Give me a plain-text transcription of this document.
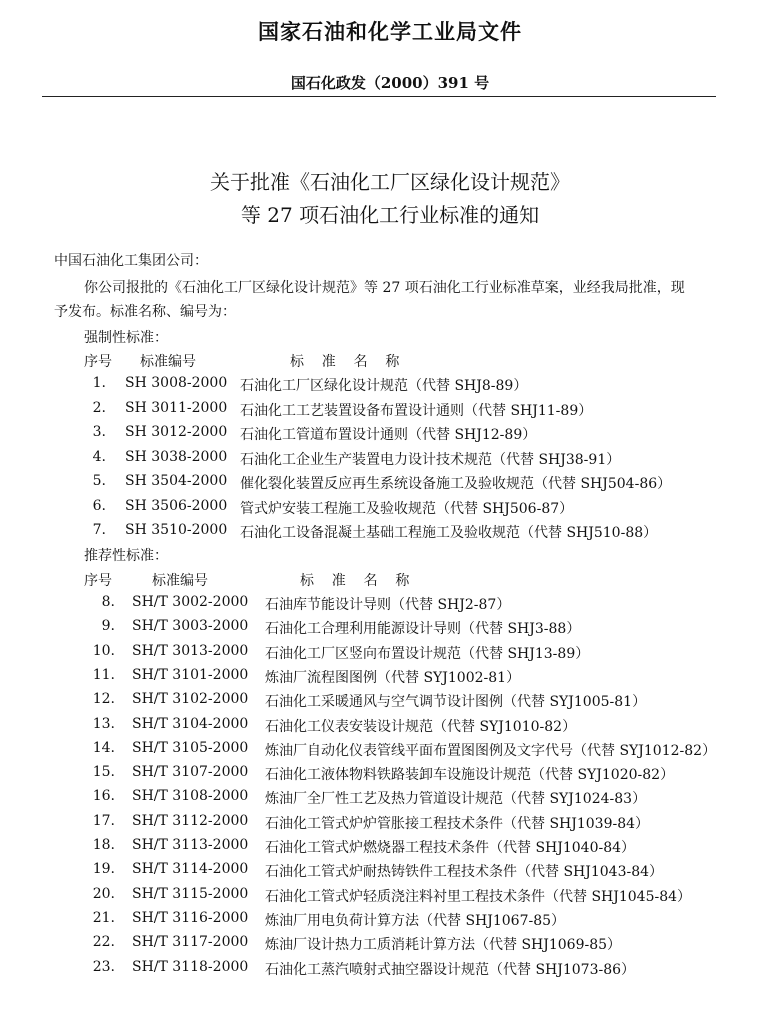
国家石油和化学工业局文件
国石化政发（2000）391 号
关于批准《石油化工厂区绿化设计规范》
等 27 项石油化工行业标准的通知
中国石油化工集团公司：
你公司报批的《石油化工厂区绿化设计规范》等 27 项石油化工行业标准草案，业经我局批准，现
予发布。标准名称、编号为：
强制性标准：
序号 标准编号	标    准    名    称
1. SH 3008-2000 石油化工厂区绿化设计规范（代替 SHJ8-89）
2. SH 3011-2000 石油化工工艺装置设备布置设计通则（代替 SHJ11-89）
3. SH 3012-2000 石油化工管道布置设计通则（代替 SHJ12-89）
4. SH 3038-2000 石油化工企业生产装置电力设计技术规范（代替 SHJ38-91）
5. SH 3504-2000 催化裂化装置反应再生系统设备施工及验收规范（代替 SHJ504-86）
6. SH 3506-2000 管式炉安装工程施工及验收规范（代替 SHJ506-87）
7. SH 3510-2000 石油化工设备混凝土基础工程施工及验收规范（代替 SHJ510-88）
推荐性标准：
序号	标准编号	标    准    名    称
8. SH/T 3002-2000 石油库节能设计导则（代替 SHJ2-87）
9. SH/T 3003-2000 石油化工合理利用能源设计导则（代替 SHJ3-88）
10. SH/T 3013-2000 石油化工厂区竖向布置设计规范（代替 SHJ13-89）
11. SH/T 3101-2000 炼油厂流程图图例（代替 SYJ1002-81）
12. SH/T 3102-2000 石油化工采暖通风与空气调节设计图例（代替 SYJ1005-81）
13. SH/T 3104-2000 石油化工仪表安装设计规范（代替 SYJ1010-82）
14. SH/T 3105-2000 炼油厂自动化仪表管线平面布置图图例及文字代号（代替 SYJ1012-82）
15. SH/T 3107-2000 石油化工液体物料铁路装卸车设施设计规范（代替 SYJ1020-82）
16. SH/T 3108-2000 炼油厂全厂性工艺及热力管道设计规范（代替 SYJ1024-83）
17. SH/T 3112-2000 石油化工管式炉炉管胀接工程技术条件（代替 SHJ1039-84）
18. SH/T 3113-2000 石油化工管式炉燃烧器工程技术条件（代替 SHJ1040-84）
19. SH/T 3114-2000 石油化工管式炉耐热铸铁件工程技术条件（代替 SHJ1043-84）
20. SH/T 3115-2000 石油化工管式炉轻质浇注料衬里工程技术条件（代替 SHJ1045-84）
21. SH/T 3116-2000 炼油厂用电负荷计算方法（代替 SHJ1067-85）
22. SH/T 3117-2000 炼油厂设计热力工质消耗计算方法（代替 SHJ1069-85）
23. SH/T 3118-2000 石油化工蒸汽喷射式抽空器设计规范（代替 SHJ1073-86）
